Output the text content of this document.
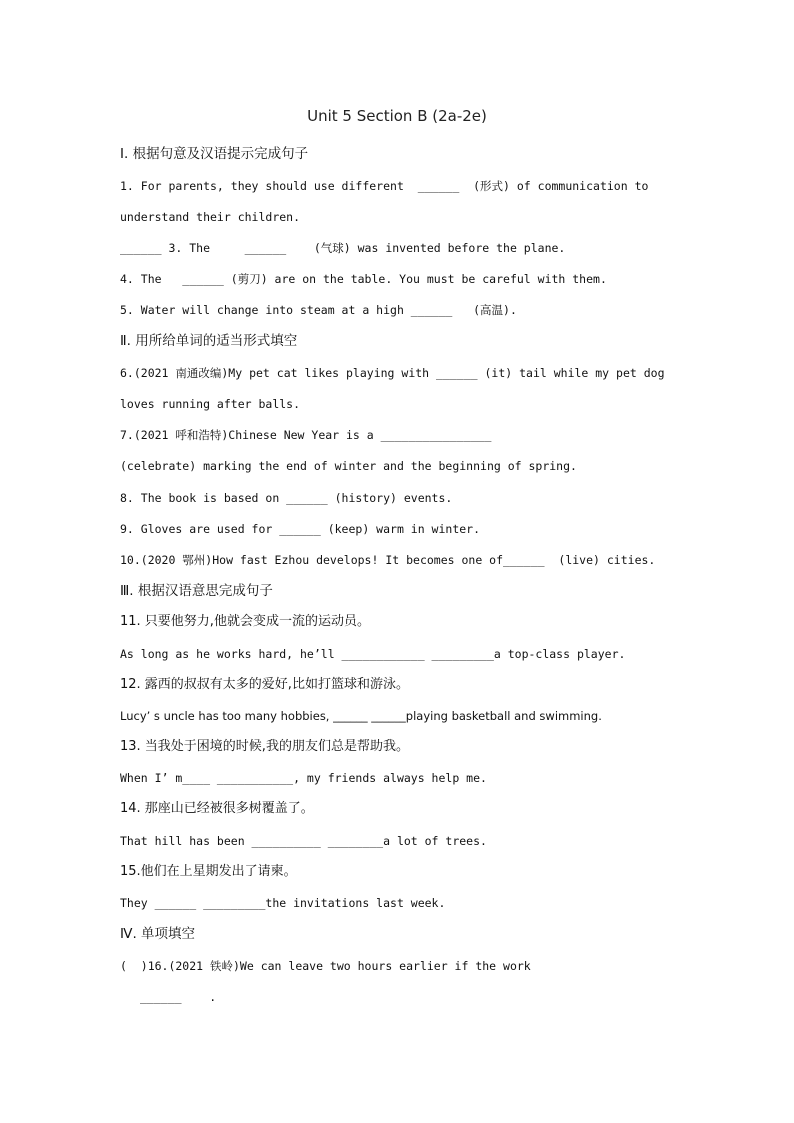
Unit 5 Section B (2a-2e)
Ⅰ. 根据句意及汉语提示完成句子
1. For parents, they should use different  ______  (形式) of communication to
understand their children.
______ 3. The     ______    (气球) was invented before the plane.
4. The   ______ (剪刀) are on the table. You must be careful with them.
5. Water will change into steam at a high ______   (高温).
Ⅱ. 用所给单词的适当形式填空
6.(2021 南通改编)My pet cat likes playing with ______ (it) tail while my pet dog
loves running after balls.
7.(2021 呼和浩特)Chinese New Year is a ________________
(celebrate) marking the end of winter and the beginning of spring.
8. The book is based on ______ (history) events.
9. Gloves are used for ______ (keep) warm in winter.
10.(2020 鄂州)How fast Ezhou develops! It becomes one of______  (live) cities.
Ⅲ. 根据汉语意思完成句子
11. 只要他努力,他就会变成一流的运动员。
As long as he works hard, he’ll ____________ _________a top-class player.
12. 露西的叔叔有太多的爱好,比如打篮球和游泳。
Lucy’ s uncle has too many hobbies, ______ ______playing basketball and swimming.
13. 当我处于困境的时候,我的朋友们总是帮助我。
When I’ m____ ___________, my friends always help me.
14. 那座山已经被很多树覆盖了。
That hill has been __________ ________a lot of trees.
15.他们在上星期发出了请柬。
They ______ _________the invitations last week.
Ⅳ. 单项填空
(  )16.(2021 铁岭)We can leave two hours earlier if the work
______    .
